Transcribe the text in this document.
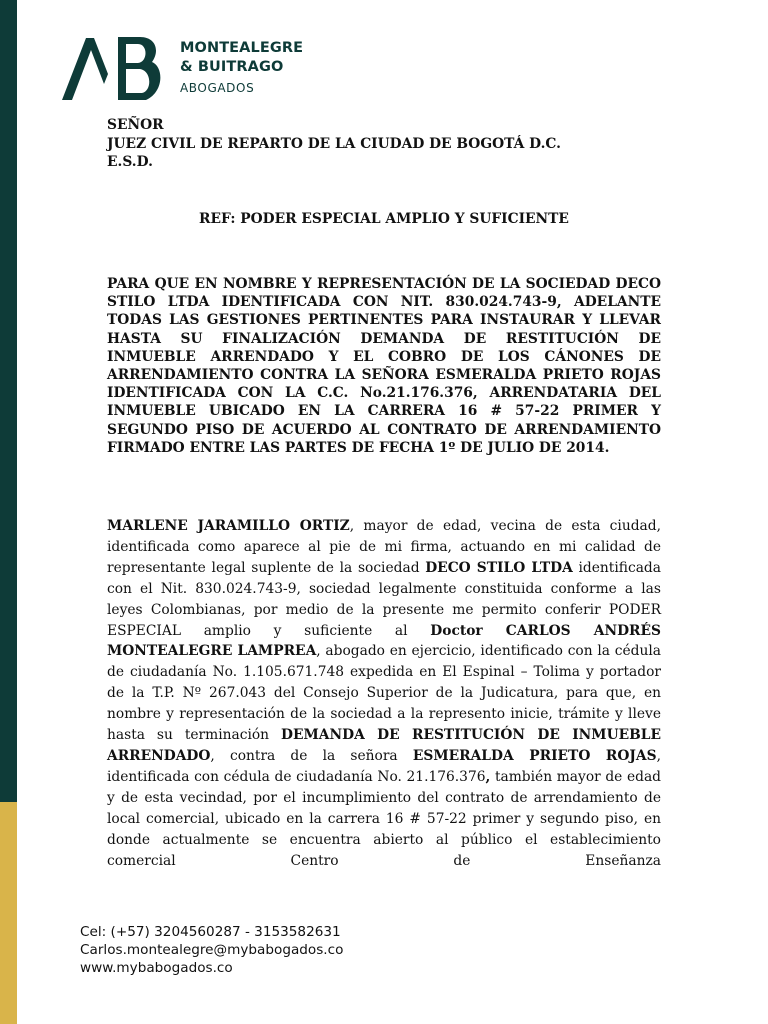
MONTEALEGRE
& BUITRAGO
ABOGADOS
SEÑOR
JUEZ CIVIL DE REPARTO DE LA CIUDAD DE BOGOTÁ D.C.
E.S.D.
REF: PODER ESPECIAL AMPLIO Y SUFICIENTE
PARA QUE EN NOMBRE Y REPRESENTACIÓN DE LA SOCIEDAD DECO STILO LTDA IDENTIFICADA CON NIT. 830.024.743-9, ADELANTE TODAS LAS GESTIONES PERTINENTES PARA INSTAURAR Y LLEVAR HASTA SU FINALIZACIÓN DEMANDA DE RESTITUCIÓN DE INMUEBLE ARRENDADO Y EL COBRO DE LOS CÁNONES DE ARRENDAMIENTO CONTRA LA SEÑORA ESMERALDA PRIETO ROJAS IDENTIFICADA CON LA C.C. No.21.176.376, ARRENDATARIA DEL INMUEBLE UBICADO EN LA CARRERA 16 # 57-22 PRIMER Y SEGUNDO PISO DE ACUERDO AL CONTRATO DE ARRENDAMIENTO FIRMADO ENTRE LAS PARTES DE FECHA 1º DE JULIO DE 2014.
MARLENE JARAMILLO ORTIZ, mayor de edad, vecina de esta ciudad, identificada como aparece al pie de mi firma, actuando en mi calidad de representante legal suplente de la sociedad DECO STILO LTDA identificada con el Nit. 830.024.743-9, sociedad legalmente constituida conforme a las leyes Colombianas, por medio de la presente me permito conferir PODER ESPECIAL amplio y suficiente al Doctor CARLOS ANDRÉS MONTEALEGRE LAMPREA, abogado en ejercicio, identificado con la cédula de ciudadanía No. 1.105.671.748 expedida en El Espinal – Tolima y portador de la T.P. Nº 267.043 del Consejo Superior de la Judicatura, para que, en nombre y representación de la sociedad a la represento inicie, trámite y lleve hasta su terminación DEMANDA DE RESTITUCIÓN DE INMUEBLE ARRENDADO, contra de la señora ESMERALDA PRIETO ROJAS, identificada con cédula de ciudadanía No. 21.176.376, también mayor de edad y de esta vecindad, por el incumplimiento del contrato de arrendamiento de local comercial, ubicado en la carrera 16 # 57-22 primer y segundo piso, en donde actualmente se encuentra abierto al público el establecimiento comercial Centro de Enseñanza
Cel: (+57) 3204560287 - 3153582631
Carlos.montealegre@mybabogados.co
www.mybabogados.co
